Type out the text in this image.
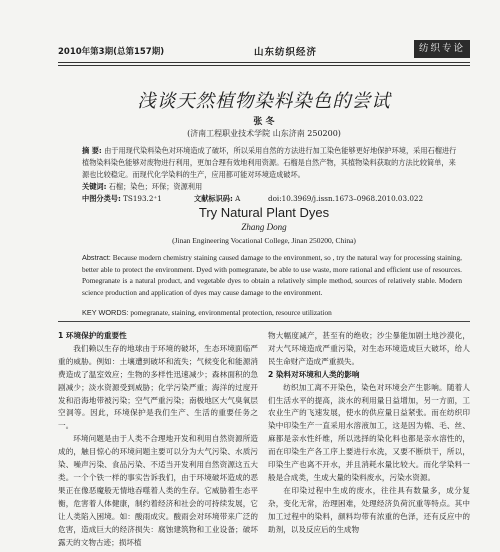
2010年第3期(总第157期)	山东纺织经济	纺织专论
浅谈天然植物染料染色的尝试
张 冬
(济南工程职业技术学院 山东济南 250200)
摘 要: 由于用现代染料染色对环境造成了破坏，所以采用自然的方法进行加工染色能够更好地保护环境，采用石榴进行植物染料染色能够对废物进行利用，更加合理有效地利用资源。石榴是自然产物，其植物染料获取的方法比较简单，来源也比较稳定。而现代化学染料的生产，应用都可能对环境造成破坏。
关键词: 石榴；染色；环保；资源利用
中图分类号: TS193.2⁺1	文献标识码: A	doi:10.3969/j.issn.1673–0968.2010.03.022
Try Natural Plant Dyes
Zhang Dong
(Jinan Engineering Vocational College, Jinan 250200, China)
Abstract: Because modern chemistry staining caused damage to the environment, so , try the natural way for processing staining, better able to protect the environment. Dyed with pomegranate, be able to use waste, more rational and efficient use of resources. Pomegranate is a natural product, and vegetable dyes to obtain a relatively simple method, sources of relatively stable. Modern science production and application of dyes may cause damage to the environment.
KEY WORDS: pomegranate, staining, environmental protection, resource utilization

1 环境保护的重要性

我们赖以生存的地球由于环境的破坏，生态环境面临严重的威胁。例如：土壤遭到破坏和流失；气候变化和能源消费造成了温室效应；生物的多样性迅速减少；森林面积的急剧减少；淡水资源受到威胁；化学污染严重；海洋的过度开发和沿海地带被污染；空气严重污染；南极地区大气臭氧层空洞等。因此，环境保护是我们生产、生活的重要任务之一。

环境问题是由于人类不合理地开发和利用自然资源所造成的，触目惊心的环境问题主要可以分为大气污染、水质污染、噪声污染、食品污染、不适当开发利用自然资源这五大类。一个个铁一样的事实告诉我们，由于环境破坏造成的恶果正在像恶魔般无情地吞噬着人类的生存。它威胁着生态平衡，危害着人体健康，制约着经济和社会的可持续发展，它让人类陷入困境。如：酸雨成灾。酸雨会对环境带来广泛的危害，造成巨大的经济损失：腐蚀建筑物和工业设备；破坏露天的文物古迹；损坏植

物大幅度减产，甚至有的绝收；沙尘暴能加剧土地沙漠化，对大气环境造成严重污染，对生态环境造成巨大破坏，给人民生命财产造成严重损失。

2 染料对环境和人类的影响

纺织加工离不开染色，染色对环境会产生影响。随着人们生活水平的提高，淡水的利用量日益增加，另一方面，工农业生产的飞速发展，使水的供应量日益紧张。而在纺织印染中印染生产一直采用水溶液加工，这是因为棉、毛、丝、麻都是亲水性纤维，所以选择的染化料也都是亲水溶性的，而在印染生产各工序上要进行水洗，又要不断烘干，所以，印染生产也离不开水，并且消耗水量比较大。而化学染料一般是合成类，生成大量的染料废水，污染水资源。

在印染过程中生成的废水，往往具有数量多，成分复杂，变化无常，治理困难，处理经济负荷沉重等特点。其中加工过程中的染料，颜料均带有浓重的色泽，还有反应中的助剂，以及反应后的生成物
